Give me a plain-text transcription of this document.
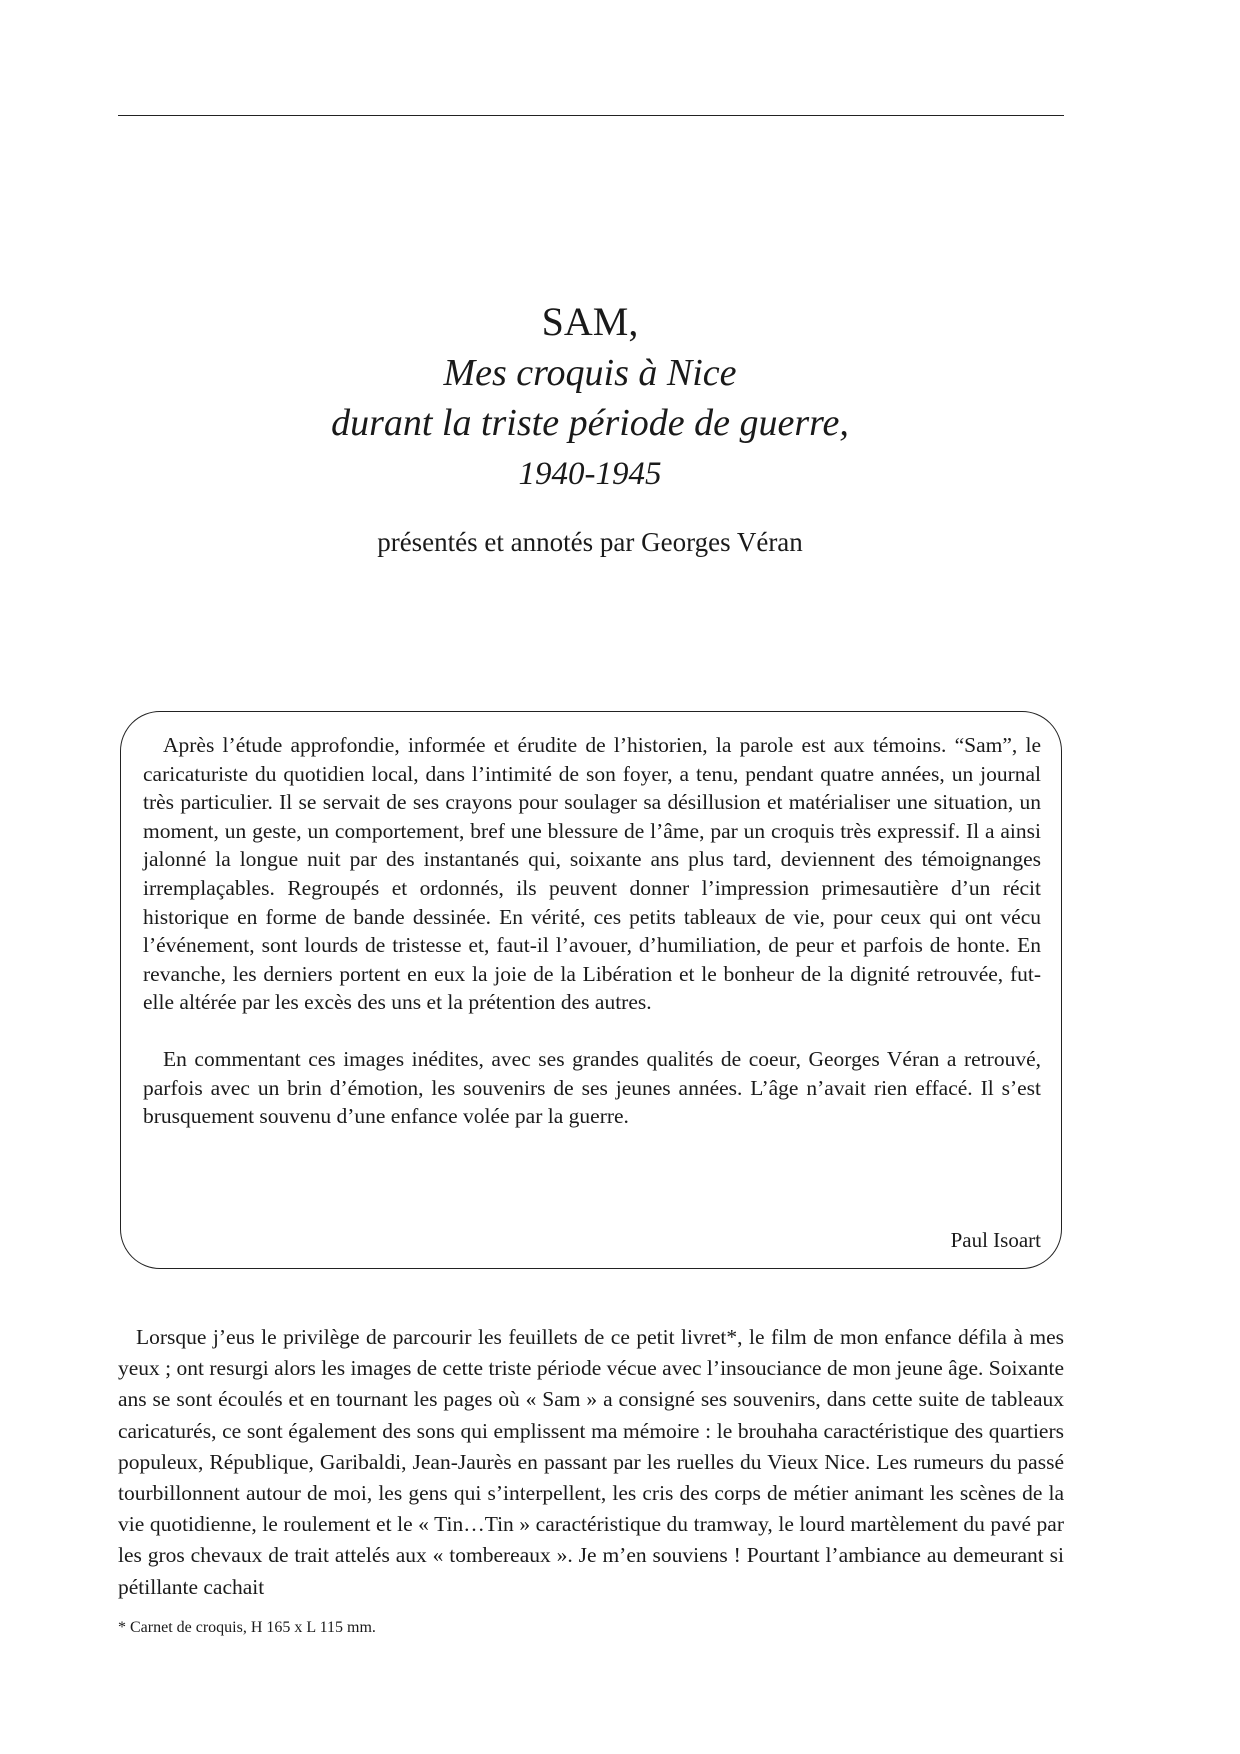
SAM,

Mes croquis à Nice

durant la triste période de guerre,

1940-1945

présentés et annotés par Georges Véran

Après l’étude approfondie, informée et érudite de l’historien, la parole est aux témoins. “Sam”, le caricaturiste du quotidien local, dans l’intimité de son foyer, a tenu, pendant quatre années, un journal très particulier. Il se servait de ses crayons pour soulager sa désillusion et matérialiser une situation, un moment, un geste, un comportement, bref une blessure de l’âme, par un croquis très expressif. Il a ainsi jalonné la longue nuit par des instantanés qui, soixante ans plus tard, deviennent des témoignanges irremplaçables. Regroupés et ordonnés, ils peuvent donner l’impression primesautière d’un récit historique en forme de bande dessinée. En vérité, ces petits tableaux de vie, pour ceux qui ont vécu l’événement, sont lourds de tristesse et, faut-il l’avouer, d’humiliation, de peur et parfois de honte. En revanche, les derniers portent en eux la joie de la Libération et le bonheur de la dignité retrouvée, fut-elle altérée par les excès des uns et la prétention des autres.

En commentant ces images inédites, avec ses grandes qualités de coeur, Georges Véran a retrouvé, parfois avec un brin d’émotion, les souvenirs de ses jeunes années. L’âge n’avait rien effacé. Il s’est brusquement souvenu d’une enfance volée par la guerre.

Paul Isoart

Lorsque j’eus le privilège de parcourir les feuillets de ce petit livret*, le film de mon enfance défila à mes yeux ; ont resurgi alors les images de cette triste période vécue avec l’insouciance de mon jeune âge. Soixante ans se sont écoulés et en tournant les pages où « Sam » a consigné ses souvenirs, dans cette suite de tableaux caricaturés, ce sont également des sons qui emplissent ma mémoire : le brouhaha caractéristique des quartiers populeux, République, Garibaldi, Jean-Jaurès en passant par les ruelles du Vieux Nice. Les rumeurs du passé tourbillonnent autour de moi, les gens qui s’interpellent, les cris des corps de métier animant les scènes de la vie quotidienne, le roulement et le « Tin…Tin » caractéristique du tramway, le lourd martèlement du pavé par les gros chevaux de trait attelés aux « tombereaux ». Je m’en souviens ! Pourtant l’ambiance au demeurant si pétillante cachait

* Carnet de croquis, H 165 x L 115 mm.
